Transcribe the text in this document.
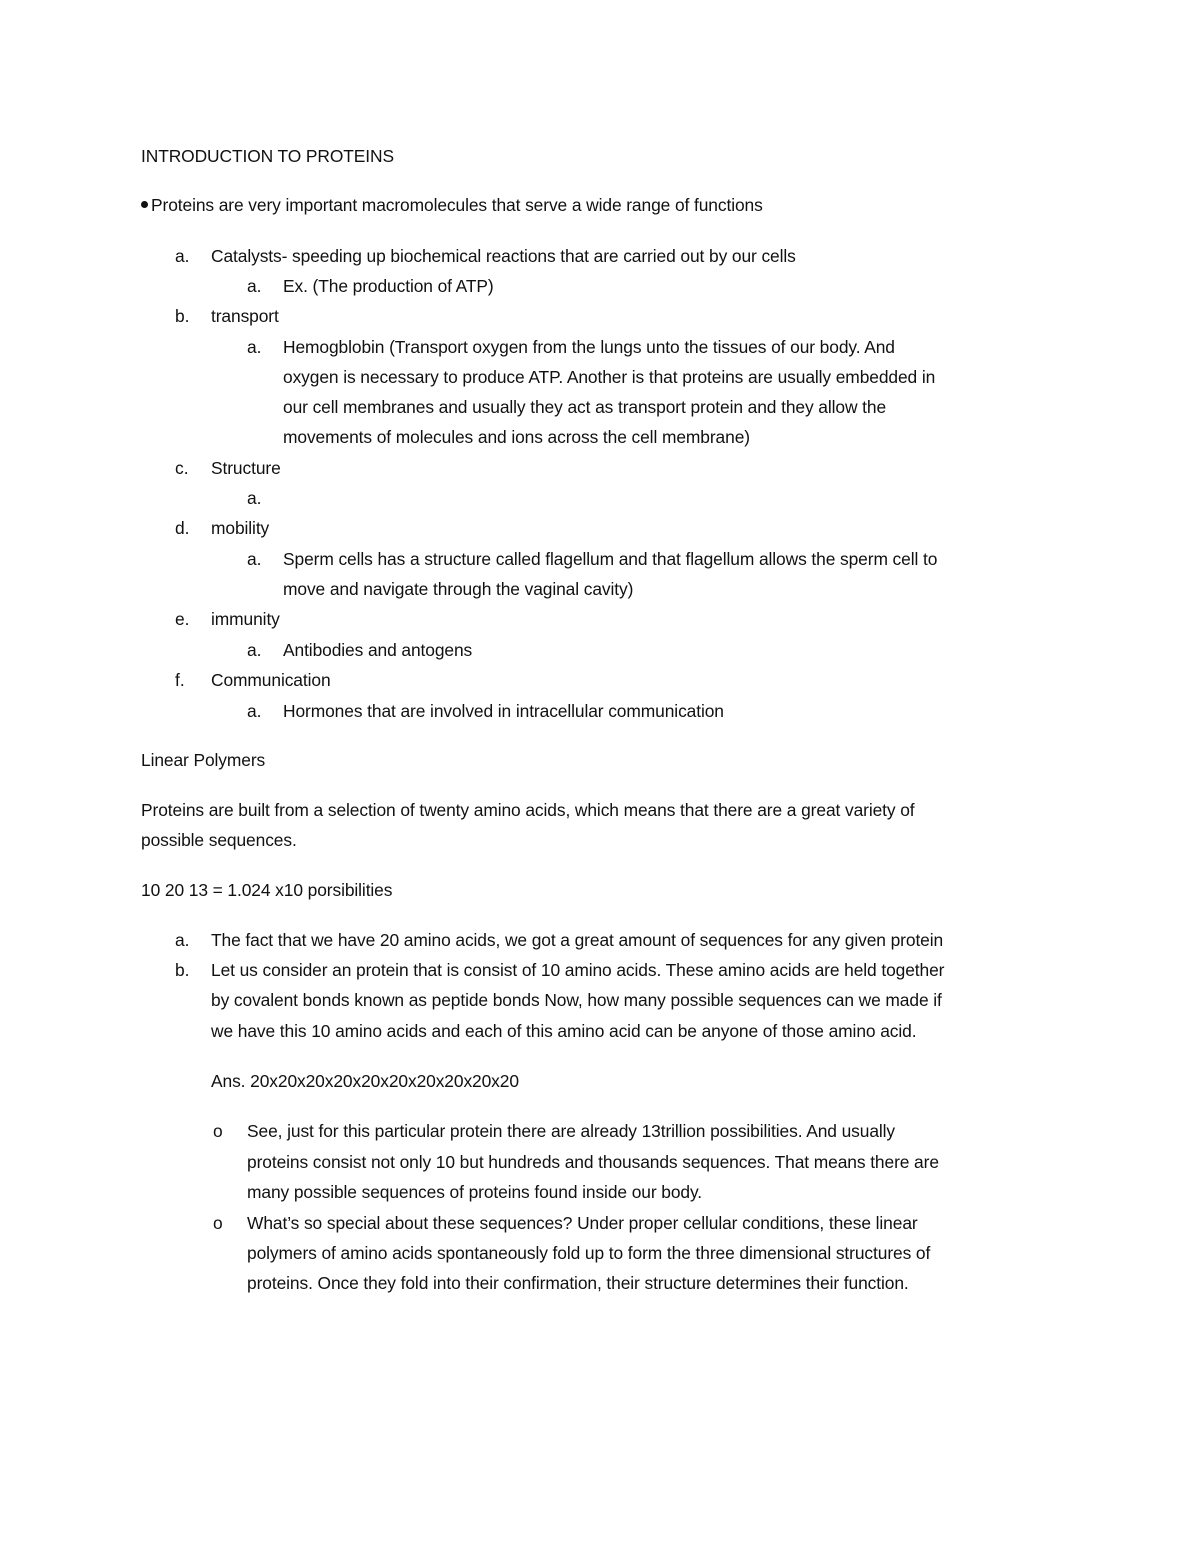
INTRODUCTION TO PROTEINS
Proteins are very important macromolecules that serve a wide range of functions
a. Catalysts- speeding up biochemical reactions that are carried out by our cells
a. Ex. (The production of ATP)
b. transport
a. Hemogblobin (Transport oxygen from the lungs unto the tissues of our body. And
oxygen is necessary to produce ATP. Another is that proteins are usually embedded in
our cell membranes and usually they act as transport protein and they allow the
movements of molecules and ions across the cell membrane)
c. Structure
a.
d. mobility
a. Sperm cells has a structure called flagellum and that flagellum allows the sperm cell to
move and navigate through the vaginal cavity)
e. immunity
a. Antibodies and antogens
f. Communication
a. Hormones that are involved in intracellular communication
Linear Polymers
Proteins are built from a selection of twenty amino acids, which means that there are a great variety of
possible sequences.
10 20 13 = 1.024 x10 porsibilities
a. The fact that we have 20 amino acids, we got a great amount of sequences for any given protein
b. Let us consider an protein that is consist of 10 amino acids. These amino acids are held together
by covalent bonds known as peptide bonds Now, how many possible sequences can we made if
we have this 10 amino acids and each of this amino acid can be anyone of those amino acid.
Ans. 20x20x20x20x20x20x20x20x20x20
o See, just for this particular protein there are already 13trillion possibilities. And usually
proteins consist not only 10 but hundreds and thousands sequences. That means there are
many possible sequences of proteins found inside our body.
o What’s so special about these sequences? Under proper cellular conditions, these linear
polymers of amino acids spontaneously fold up to form the three dimensional structures of
proteins. Once they fold into their confirmation, their structure determines their function.
